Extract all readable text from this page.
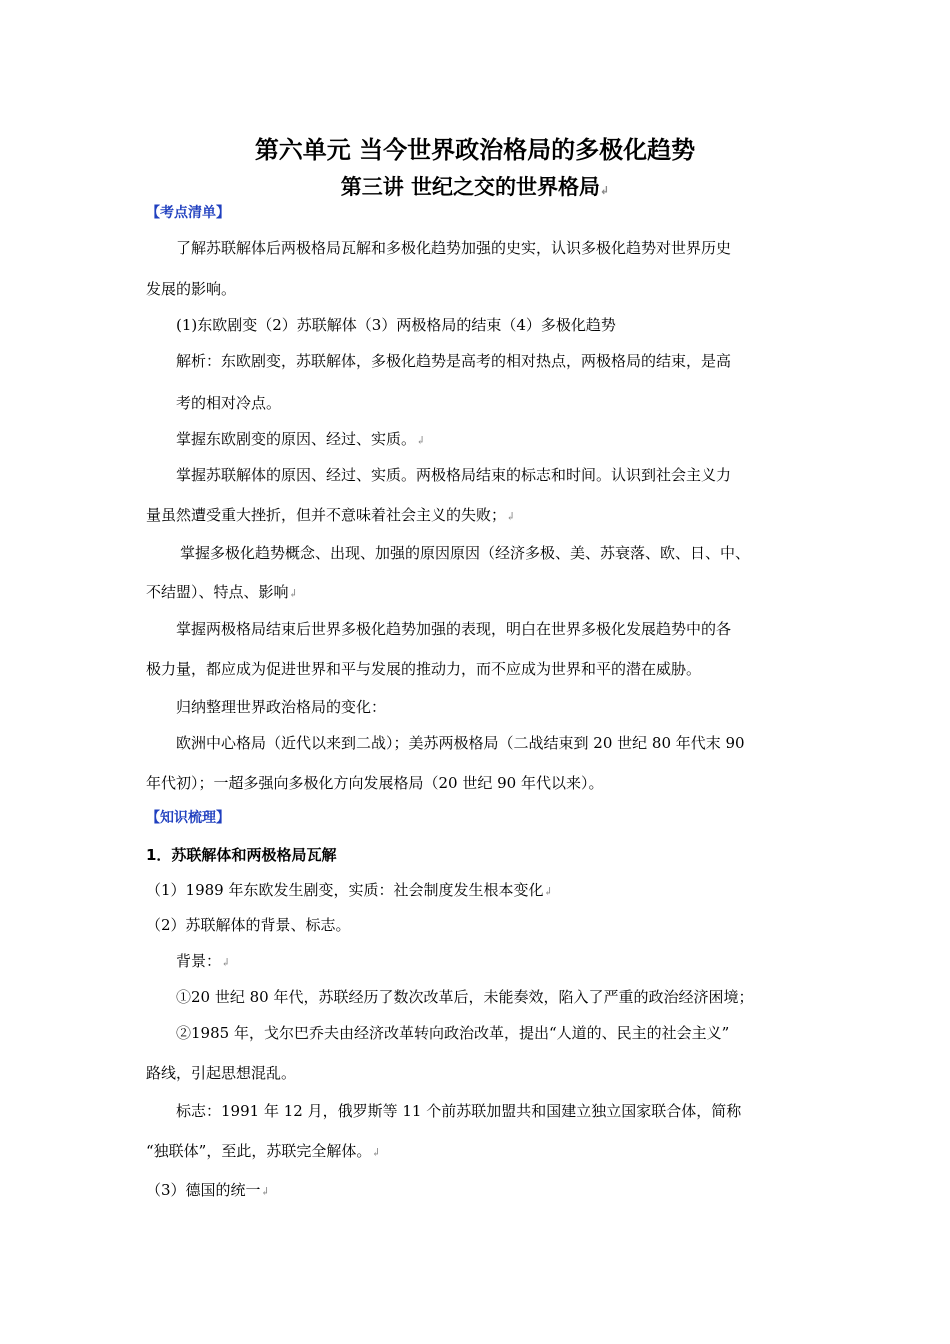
第六单元 当今世界政治格局的多极化趋势
第三讲 世纪之交的世界格局↲
【考点清单】
了解苏联解体后两极格局瓦解和多极化趋势加强的史实，认识多极化趋势对世界历史
发展的影响。
(1)东欧剧变（2）苏联解体（3）两极格局的结束（4）多极化趋势
解析：东欧剧变，苏联解体，多极化趋势是高考的相对热点，两极格局的结束，是高
考的相对冷点。
掌握东欧剧变的原因、经过、实质。↲
掌握苏联解体的原因、经过、实质。两极格局结束的标志和时间。认识到社会主义力
量虽然遭受重大挫折，但并不意味着社会主义的失败；↲
掌握多极化趋势概念、出现、加强的原因原因（经济多极、美、苏衰落、欧、日、中、
不结盟）、特点、影响↲
掌握两极格局结束后世界多极化趋势加强的表现，明白在世界多极化发展趋势中的各
极力量，都应成为促进世界和平与发展的推动力，而不应成为世界和平的潜在威胁。
归纳整理世界政治格局的变化：
欧洲中心格局（近代以来到二战）；美苏两极格局（二战结束到 20 世纪 80 年代末 90
年代初）；一超多强向多极化方向发展格局（20 世纪 90 年代以来）。
【知识梳理】
1．苏联解体和两极格局瓦解
（1）1989 年东欧发生剧变，实质：社会制度发生根本变化↲
（2）苏联解体的背景、标志。
背景：↲
①20 世纪 80 年代，苏联经历了数次改革后，未能奏效，陷入了严重的政治经济困境；
②1985 年，戈尔巴乔夫由经济改革转向政治改革，提出“人道的、民主的社会主义”
路线，引起思想混乱。
标志：1991 年 12 月，俄罗斯等 11 个前苏联加盟共和国建立独立国家联合体，简称
“独联体”，至此，苏联完全解体。↲
（3）德国的统一↲
